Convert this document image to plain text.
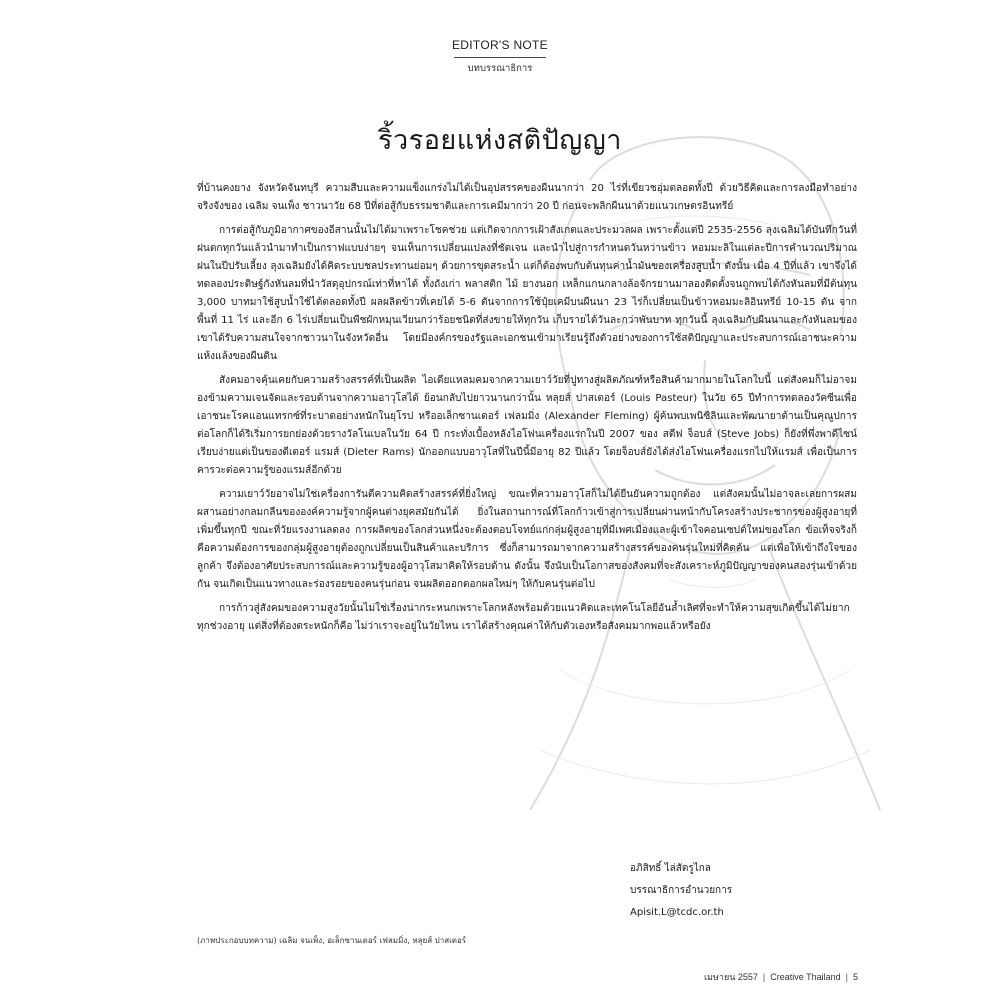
EDITOR'S NOTE
บทบรรณาธิการ
ริ้วรอยแห่งสติปัญญา

ที่บ้านคงยาง จังหวัดจันทบุรี ความสืบและความแข็งแกร่งไม่ได้เป็นอุปสรรคของผืนนากว่า 20 ไร่ที่เขียวชอุ่มตลอดทั้งปี ด้วยวิธีคิดและการลงมือทำอย่างจริงจังของ เฉลิม จนเพ็ง ชาวนาวัย 68 ปีที่ต่อสู้กับธรรมชาติและการเคมีมากว่า 20 ปี ก่อนจะพลิกผืนนาด้วยแนวเกษตรอินทรีย์

การต่อสู้กับภูมิอากาศของอีสานนั้นไม่ได้มาเพราะโชคช่วย แต่เกิดจากการเฝ้าสังเกตและประมวลผล เพราะตั้งแต่ปี 2535-2556 ลุงเฉลิมได้บันทึกวันที่ฝนตกทุกวันแล้วนำมาทำเป็นกราฟแบบง่ายๆ จนเห็นการเปลี่ยนแปลงที่ชัดเจน และนำไปสู่การกำหนดวันหว่านข้าว หอมมะลิในแต่ละปีการคำนวณปริมาณฝนในปีปรับเลี้ยง ลุงเฉลิมยังได้คิดระบบชลประทานย่อมๆ ด้วยการขุดสระน้ำ แต่ก็ต้องพบกับต้นทุนค่าน้ำมันของเครื่องสูบน้ำ ดังนั้น เมื่อ 4 ปีที่แล้ว เขาจึงได้ทดลองประดิษฐ์กังหันลมที่นำวัสดุอุปกรณ์เท่าที่หาได้ ทั้งถังเก่า พลาสติก ไม้ ยางนอก เหล็กแกนกลางล้อจักรยานมาลองติดตั้งจนถูกพบได้กังหันลมที่มีต้นทุน 3,000 บาทมาใช้สูบน้ำใช้ได้ตลอดทั้งปี ผลผลิตข้าวที่เคยได้ 5-6 ตันจากการใช้ปุ๋ยเคมีบนผืนนา 23 ไร่ก็เปลี่ยนเป็นข้าวหอมมะลิอินทรีย์ 10-15 ตัน จากพื้นที่ 11 ไร่ และอีก 6 ไร่เปลี่ยนเป็นพืชผักหมุนเวียนกว่าร้อยชนิดที่ส่งขายให้ทุกวัน เก็บรายได้วันละกว่าพันบาท ทุกวันนี้ ลุงเฉลิมกับผืนนาและกังหันลมของเขาได้รับความสนใจจากชาวนาในจังหวัดอื่น โดยมีองค์กรของรัฐและเอกชนเข้ามาเรียนรู้ถึงตัวอย่างของการใช้สติปัญญาและประสบการณ์เอาชนะความแห้งแล้งของผืนดิน

สังคมอาจคุ้นเคยกับความสร้างสรรค์ที่เป็นผลิต ไอเดียแหลมคมจากความเยาว์วัยที่ปูทางสู่ผลิตภัณฑ์หรือสินค้ามากมายในโลกใบนี้ แต่สังคมก็ไม่อาจมองข้ามความเจนจัดและรอบด้านจากความอาวุโสได้ ย้อนกลับไปยาวนานกว่านั้น หลุยส์ ปาสเตอร์ (Louis Pasteur) ในวัย 65 ปีทำการทดลองวัคซีนเพื่อเอาชนะโรคแอนแทรกซ์ที่ระบาดอย่างหนักในยุโรป หรืออเล็กซานเดอร์ เฟลมมิ่ง (Alexander Fleming) ผู้ค้นพบเพนิซิลินและพัฒนายาต้านเป็นคุณูปการต่อโลกก็ได้ริเริ่มการยกย่องด้วยรางวัลโนเบลในวัย 64 ปี กระทั่งเบื้องหลังไอโฟนเครื่องแรกในปี 2007 ของ สตีฟ จ็อบส์ (Steve Jobs) ก็ยังที่พึ่งพาดีไซน์เรียบง่ายแต่เป็นของดีเตอร์ แรมส์ (Dieter Rams) นักออกแบบอาวุโสที่ในปีนี้มีอายุ 82 ปีแล้ว โดยจ็อบส์ยังได้ส่งไอโฟนเครื่องแรกไปให้แรมส์ เพื่อเป็นการคารวะต่อความรู้ของแรมส์อีกด้วย

ความเยาว์วัยอาจไม่ใช่เครื่องการันตีความคิดสร้างสรรค์ที่ยิ่งใหญ่ ขณะที่ความอาวุโสก็ไม่ได้ยืนยันความถูกต้อง แต่สังคมนั้นไม่อาจละเลยการผสมผสานอย่างกลมกลืนขององค์ความรู้จากผู้คนต่างยุคสมัยกันได้ ยิ่งในสถานการณ์ที่โลกก้าวเข้าสู่การเปลี่ยนผ่านหน้ากับโครงสร้างประชากรของผู้สูงอายุที่เพิ่มขึ้นทุกปี ขณะที่วัยแรงงานลดลง การผลิตของโลกส่วนหนึ่งจะต้องตอบโจทย์แก่กลุ่มผู้สูงอายุที่มีเพศเมืองและผู้เข้าใจคอนเซปต์ใหม่ของโลก ข้อเท็จจริงก็คือความต้องการของกลุ่มผู้สูงอายุต้องถูกเปลี่ยนเป็นสินค้าและบริการ ซึ่งก็สามารถมาจากความสร้างสรรค์ของคนรุ่นใหม่ที่คิดค้น แต่เพื่อให้เข้าถึงใจของลูกค้า จึงต้องอาศัยประสบการณ์และความรู้ของผู้อาวุโสมาคิดให้รอบด้าน ดังนั้น จึงนับเป็นโอกาสของสังคมที่จะสังเคราะห์ภูมิปัญญาของคนสองรุ่นเข้าด้วยกัน จนเกิดเป็นแนวทางและร่องรอยของคนรุ่นก่อน จนผลิตออกดอกผลใหม่ๆ ให้กับคนรุ่นต่อไป

การก้าวสู่สังคมของความสูงวัยนั้นไม่ใช่เรื่องน่ากระหนกเพราะโลกหลังพร้อมด้วยแนวคิดและเทคโนโลยีอันล้ำเลิศที่จะทำให้ความสุขเกิดขึ้นได้ไม่ยากทุกช่วงอายุ แต่สิ่งที่ต้องตระหนักก็คือ ไม่ว่าเราจะอยู่ในวัยไหน เราได้สร้างคุณค่าให้กับตัวเองหรือสังคมมากพอแล้วหรือยัง

อภิสิทธิ์ ไล่สัตรูไกล
บรรณาธิการอำนวยการ
Apisit.L@tcdc.or.th
(ภาพประกอบบทความ) เฉลิม จนเพ็ง, อเล็กซานเดอร์ เฟลมมิ่ง, หลุยส์ ปาสเตอร์
เมษายน 2557 | Creative Thailand | 5
